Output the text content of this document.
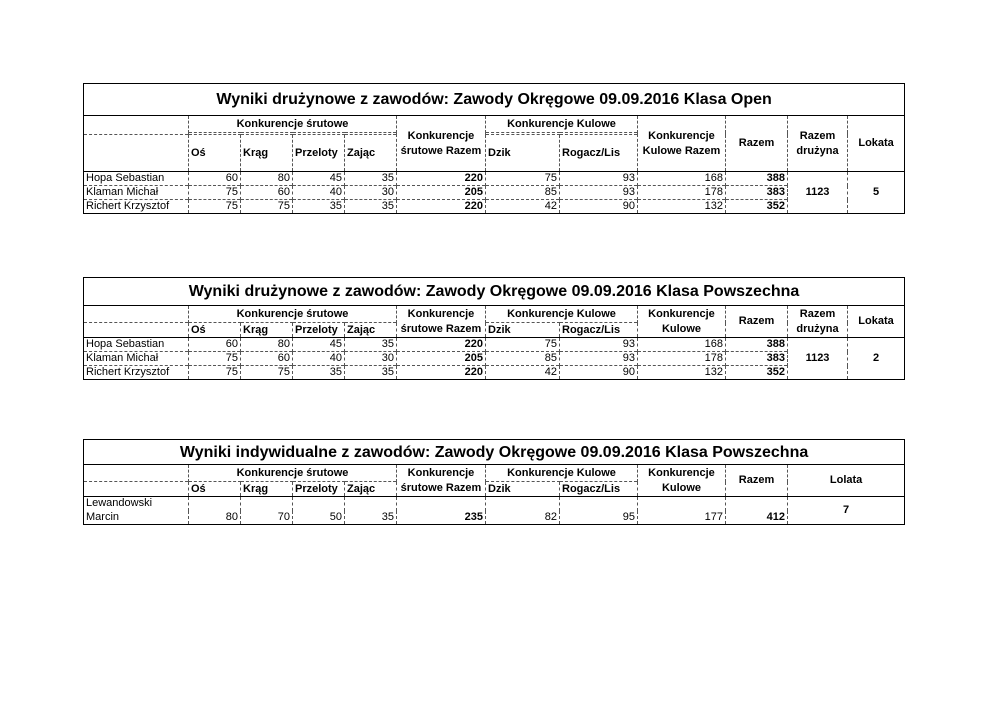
Wyniki drużynowe z zawodów: Zawody Okręgowe 09.09.2016 Klasa Open											
	Konkurencje śrutowe				Konkurencje śrutowe Razem	Konkurencje Kulowe		Konkurencje Kulowe Razem	Razem	Razem drużyna	Lokata

	Oś	Krąg	Przeloty	Zając		Dzik	Rogacz/Lis				
Hopa Sebastian	60	80	45	35	220	75	93	168	388	1123	5
Klaman Michał	75	60	40	30	205	85	93	178	383		
Richert Krzysztof	75	75	35	35	220	42	90	132	352		
Wyniki drużynowe z zawodów: Zawody Okręgowe 09.09.2016 Klasa Powszechna											
	Konkurencje śrutowe				Konkurencje	Konkurencje Kulowe		Konkurencje	Razem	Razem	Lokata
	Oś	Krąg	Przeloty	Zając	śrutowe Razem	Dzik	Rogacz/Lis	Kulowe		drużyna	
Hopa Sebastian	60	80	45	35	220	75	93	168	388	1123	2
Klaman Michał	75	60	40	30	205	85	93	178	383		
Richert Krzysztof	75	75	35	35	220	42	90	132	352		
Wyniki indywidualne z zawodów: Zawody Okręgowe 09.09.2016 Klasa Powszechna										
	Konkurencje śrutowe				Konkurencje	Konkurencje Kulowe		Konkurencje	Razem	Lolata
	Oś	Krąg	Przeloty	Zając	śrutowe Razem	Dzik	Rogacz/Lis	Kulowe		
Lewandowski	80	70	50	35	235	82	95	177	412	7
Marcin										
